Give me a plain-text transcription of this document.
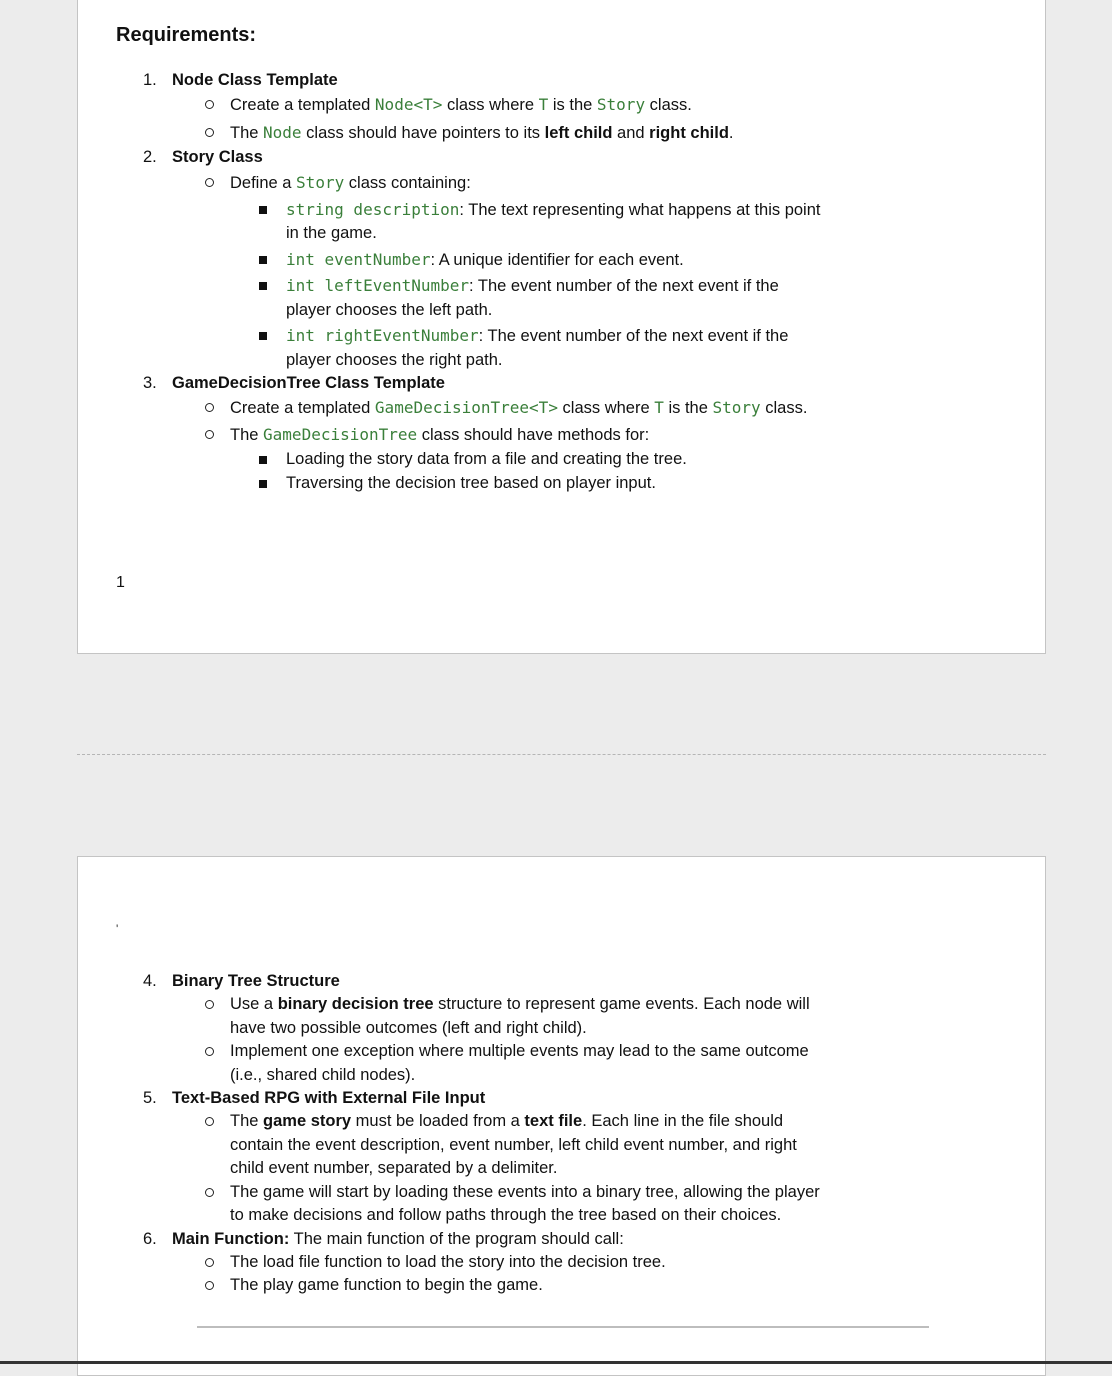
Requirements:
1. Node Class Template
Create a templated Node<T> class where T is the Story class.
The Node class should have pointers to its left child and right child.
2. Story Class
Define a Story class containing:
string description: The text representing what happens at this point
in the game.
int eventNumber: A unique identifier for each event.
int leftEventNumber: The event number of the next event if the
player chooses the left path.
int rightEventNumber: The event number of the next event if the
player chooses the right path.
3. GameDecisionTree Class Template
Create a templated GameDecisionTree<T> class where T is the Story class.
The GameDecisionTree class should have methods for:
Loading the story data from a file and creating the tree.
Traversing the decision tree based on player input.
1
'
4. Binary Tree Structure
Use a binary decision tree structure to represent game events. Each node will
have two possible outcomes (left and right child).
Implement one exception where multiple events may lead to the same outcome
(i.e., shared child nodes).
5. Text-Based RPG with External File Input
The game story must be loaded from a text file. Each line in the file should
contain the event description, event number, left child event number, and right
child event number, separated by a delimiter.
The game will start by loading these events into a binary tree, allowing the player
to make decisions and follow paths through the tree based on their choices.
6. Main Function: The main function of the program should call:
The load file function to load the story into the decision tree.
The play game function to begin the game.
